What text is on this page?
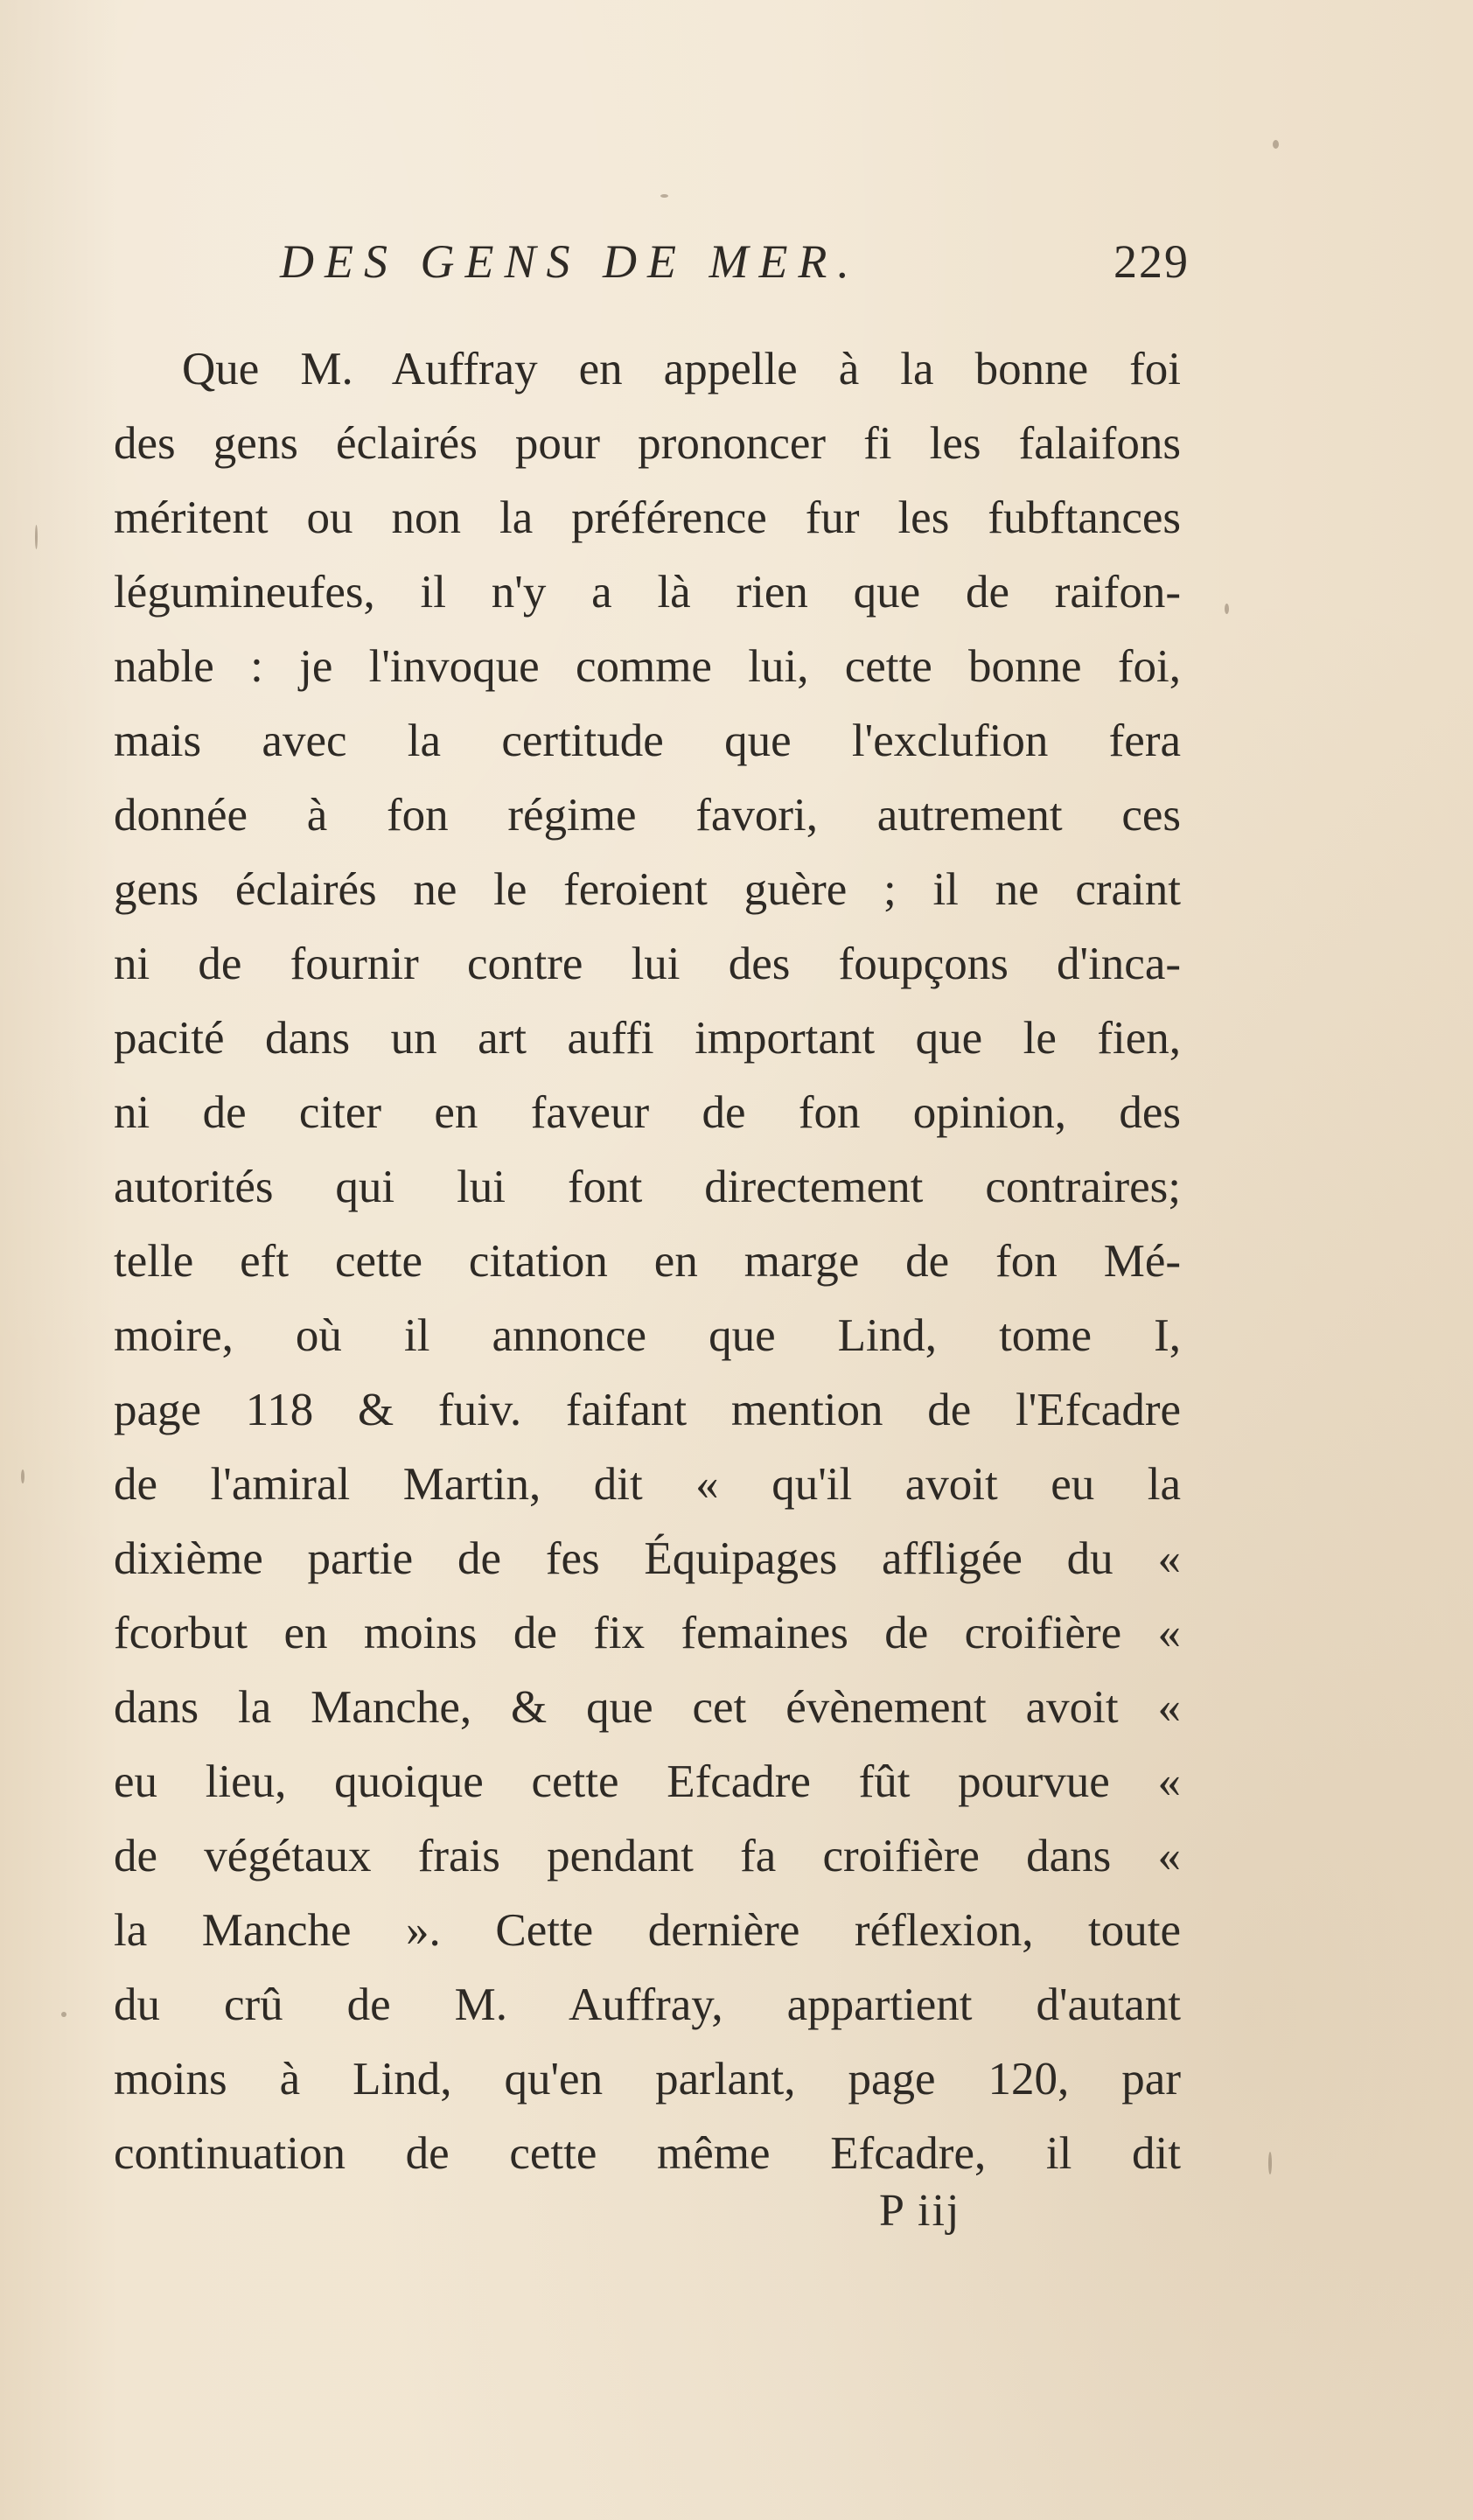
DES GENS DE MER.	229
Que M. Auffray en appelle à la bonne foi
des gens éclairés pour prononcer fi les falaifons
méritent ou non la préférence fur les fubftances
légumineufes, il n'y a là rien que de raifon-
nable : je l'invoque comme lui, cette bonne foi,
mais avec la certitude que l'exclufion fera
donnée à fon régime favori, autrement ces
gens éclairés ne le feroient guère ; il ne craint
ni de fournir contre lui des foupçons d'inca-
pacité dans un art auffi important que le fien,
ni de citer en faveur de fon opinion, des
autorités qui lui font directement contraires;
telle eft cette citation en marge de fon Mé-
moire, où il annonce que Lind, tome I,
page 118 & fuiv. faifant mention de l'Efcadre
de l'amiral Martin, dit « qu'il avoit eu la
dixième partie de fes Équipages affligée du «
fcorbut en moins de fix femaines de croifière «
dans la Manche, & que cet évènement avoit «
eu lieu, quoique cette Efcadre fût pourvue «
de végétaux frais pendant fa croifière dans «
la Manche ». Cette dernière réflexion, toute
du crû de M. Auffray, appartient d'autant
moins à Lind, qu'en parlant, page 120, par
continuation de cette même Efcadre, il dit
P iij
